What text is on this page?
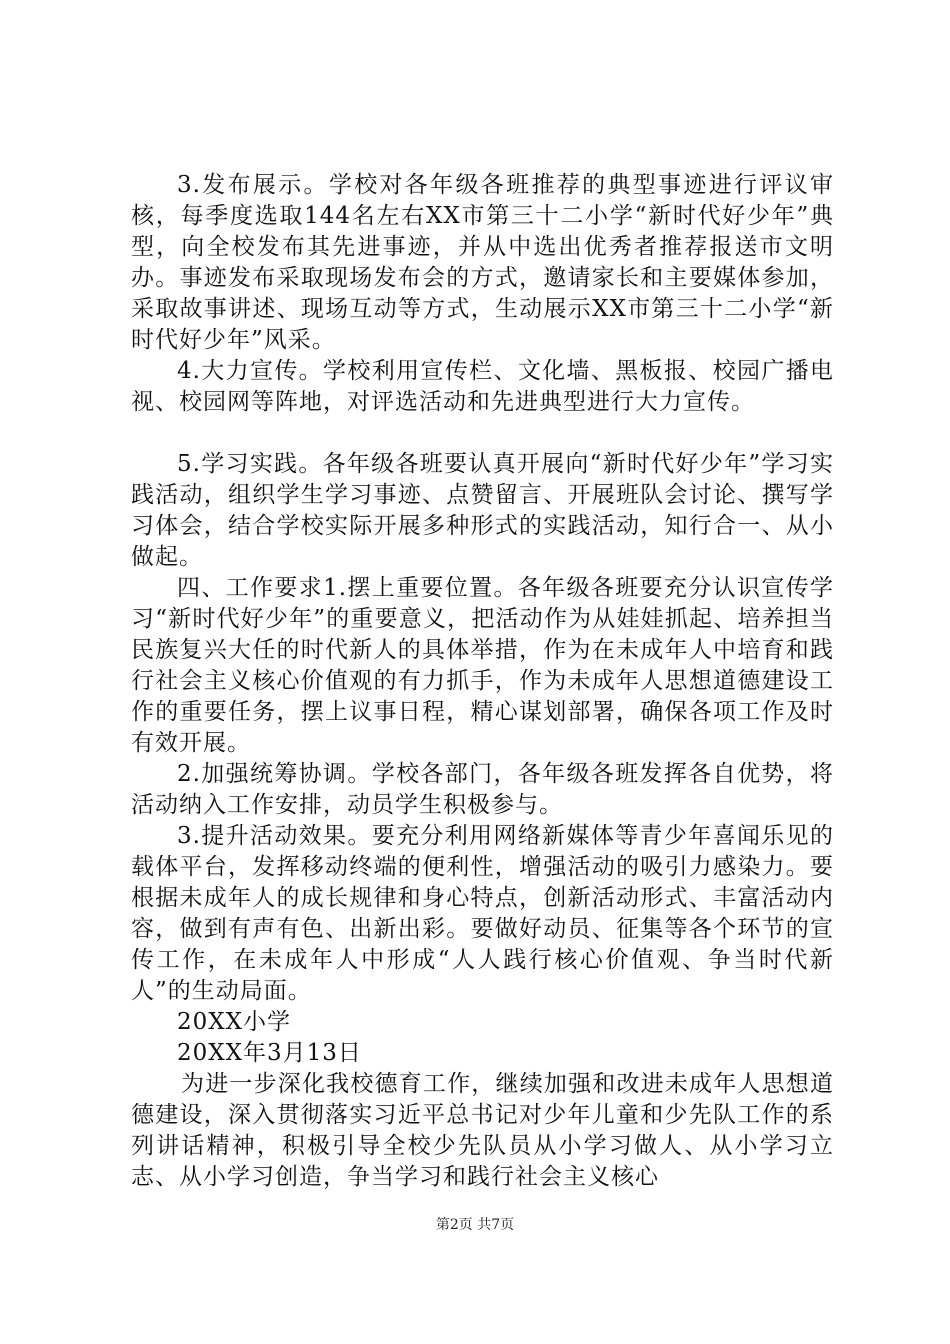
3.发布展示。学校对各年级各班推荐的典型事迹进行评议审核，每季度选取144名左右XX市第三十二小学“新时代好少年”典型，向全校发布其先进事迹，并从中选出优秀者推荐报送市文明办。事迹发布采取现场发布会的方式，邀请家长和主要媒体参加，采取故事讲述、现场互动等方式，生动展示XX市第三十二小学“新时代好少年”风采。

4.大力宣传。学校利用宣传栏、文化墙、黑板报、校园广播电视、校园网等阵地，对评选活动和先进典型进行大力宣传。

5.学习实践。各年级各班要认真开展向“新时代好少年”学习实践活动，组织学生学习事迹、点赞留言、开展班队会讨论、撰写学习体会，结合学校实际开展多种形式的实践活动，知行合一、从小做起。

四、工作要求1.摆上重要位置。各年级各班要充分认识宣传学习“新时代好少年”的重要意义，把活动作为从娃娃抓起、培养担当民族复兴大任的时代新人的具体举措，作为在未成年人中培育和践行社会主义核心价值观的有力抓手，作为未成年人思想道德建设工作的重要任务，摆上议事日程，精心谋划部署，确保各项工作及时有效开展。

2.加强统筹协调。学校各部门，各年级各班发挥各自优势，将活动纳入工作安排，动员学生积极参与。

3.提升活动效果。要充分利用网络新媒体等青少年喜闻乐见的载体平台，发挥移动终端的便利性，增强活动的吸引力感染力。要根据未成年人的成长规律和身心特点，创新活动形式、丰富活动内容，做到有声有色、出新出彩。要做好动员、征集等各个环节的宣传工作，在未成年人中形成“人人践行核心价值观、争当时代新人”的生动局面。

20XX小学

20XX年3月13日

为进一步深化我校德育工作，继续加强和改进未成年人思想道德建设，深入贯彻落实习近平总书记对少年儿童和少先队工作的系列讲话精神，积极引导全校少先队员从小学习做人、从小学习立志、从小学习创造，争当学习和践行社会主义核心

第2页 共7页
